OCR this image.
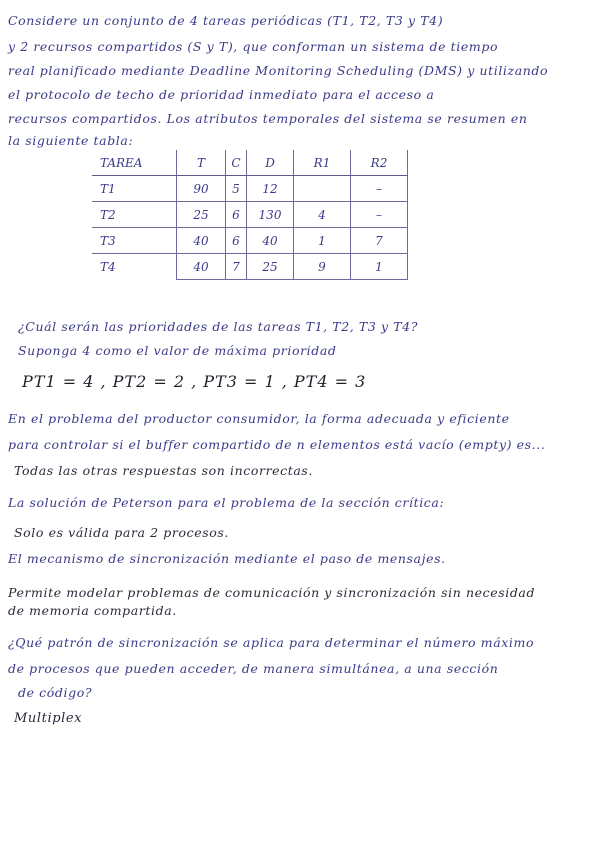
Considere un conjunto de 4 tareas periódicas (T1, T2, T3 y T4)
y 2 recursos compartidos (S y T), que conforman un sistema de tiempo
real planificado mediante Deadline Monitoring Scheduling (DMS) y utilizando
el protocolo de techo de prioridad inmediato para el acceso a
recursos compartidos. Los atributos temporales del sistema se resumen en
la siguiente tabla:
TAREA	T	C	D	R1	R2
T1	90	5	12		–
T2	25	6	130	4	–
T3	40	6	40	1	7
T4	40	7	25	9	1
¿Cuál serán las prioridades de las tareas T1, T2, T3 y T4?
Suponga 4 como el valor de máxima prioridad
PT1 = 4 , PT2 = 2 , PT3 = 1 , PT4 = 3
En el problema del productor consumidor, la forma adecuada y eficiente
para controlar si el buffer compartido de n elementos está vacío (empty) es...
Todas las otras respuestas son incorrectas.
La solución de Peterson para el problema de la sección crítica:
Solo es válida para 2 procesos.
El mecanismo de sincronización mediante el paso de mensajes.
Permite modelar problemas de comunicación y sincronización sin necesidad
de memoria compartida.
¿Qué patrón de sincronización se aplica para determinar el número máximo
de procesos que pueden acceder, de manera simultánea, a una sección
de código?
Multiplex
